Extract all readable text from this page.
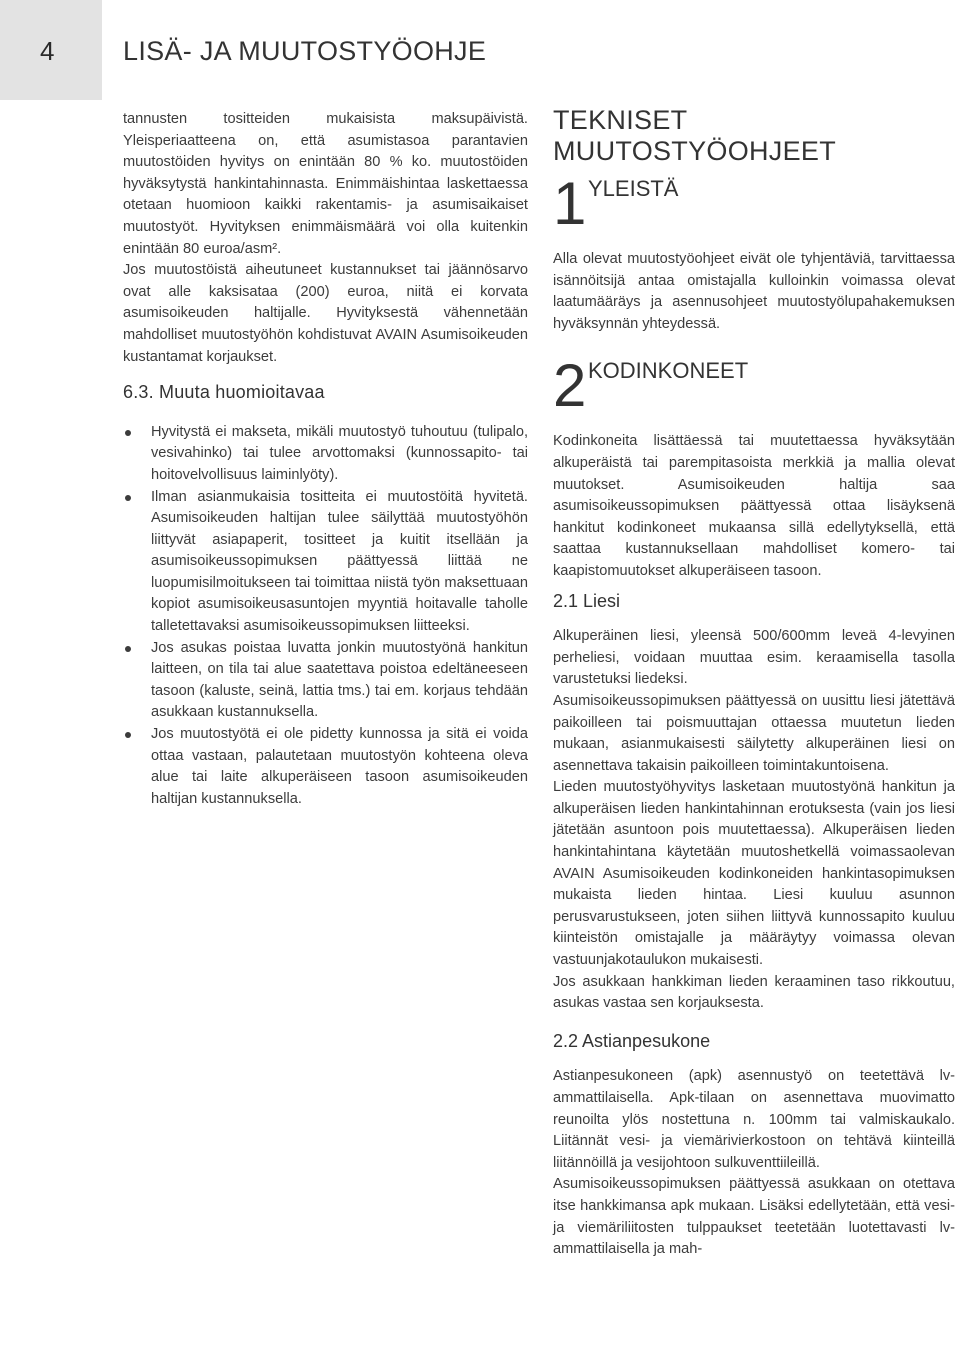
4	LISÄ- JA MUUTOSTYÖOHJE

tannusten tositteiden mukaisista maksupäivistä. Yleisperiaatteena on, että asumistasoa parantavien muutostöiden hyvitys on enintään 80 % ko. muutostöiden hyväksytystä hankintahinnasta. Enimmäishintaa laskettaessa otetaan huomioon kaikki rakentamis- ja asumisaikaiset muutostyöt. Hyvityksen enimmäismäärä voi olla kuitenkin enintään 80 euroa/asm².

Jos muutostöistä aiheutuneet kustannukset tai jäännösarvo ovat alle kaksisataa (200) euroa, niitä ei korvata asumisoikeuden haltijalle. Hyvityksestä vähennetään mahdolliset muutostyöhön kohdistuvat AVAIN Asumisoikeuden kustantamat korjaukset.

6.3. Muuta huomioitavaa
Hyvitystä ei makseta, mikäli muutostyö tuhoutuu (tulipalo, vesivahinko) tai tulee arvottomaksi (kunnossapito- tai hoitovelvollisuus laiminlyöty).
Ilman asianmukaisia tositteita ei muutostöitä hyvitetä. Asumisoikeuden haltijan tulee säilyttää muutostyöhön liittyvät asiapaperit, tositteet ja kuitit itsellään ja asumisoikeussopimuksen päättyessä liittää ne luopumisilmoitukseen tai toimittaa niistä työn maksettuaan kopiot asumisoikeusasuntojen myyntiä hoitavalle taholle talletettavaksi asumisoikeussopimuksen liitteeksi.
Jos asukas poistaa luvatta jonkin muutostyönä hankitun laitteen, on tila tai alue saatettava poistoa edeltäneeseen tasoon (kaluste, seinä, lattia tms.) tai em. korjaus tehdään asukkaan kustannuksella.
Jos muutostyötä ei ole pidetty kunnossa ja sitä ei voida ottaa vastaan, palautetaan muutostyön kohteena oleva alue tai laite alkuperäiseen tasoon asumisoikeuden haltijan kustannuksella.
TEKNISET
MUUTOSTYÖOHJEET
1 YLEISTÄ

Alla olevat muutostyöohjeet eivät ole tyhjentäviä, tarvittaessa isännöitsijä antaa omistajalla kulloinkin voimassa olevat laatumääräys ja asennusohjeet muutostyölupahakemuksen hyväksynnän yhteydessä.

2 KODINKONEET

Kodinkoneita lisättäessä tai muutettaessa hyväksytään alkuperäistä tai parempitasoista merkkiä ja mallia olevat muutokset. Asumisoikeuden haltija saa asumisoikeussopimuksen päättyessä ottaa lisäyksenä hankitut kodinkoneet mukaansa sillä edellytyksellä, että saattaa kustannuksellaan mahdolliset komero- tai kaapistomuutokset alkuperäiseen tasoon.

2.1 Liesi

Alkuperäinen liesi, yleensä 500/600mm leveä 4-levyinen perheliesi, voidaan muuttaa esim. keraamisella tasolla varustetuksi liedeksi.

Asumisoikeussopimuksen päättyessä on uusittu liesi jätettävä paikoilleen tai poismuuttajan ottaessa muutetun lieden mukaan, asianmukaisesti säilytetty alkuperäinen liesi on asennettava takaisin paikoilleen toimintakuntoisena.

Lieden muutostyöhyvitys lasketaan muutostyönä hankitun ja alkuperäisen lieden hankintahinnan erotuksesta (vain jos liesi jätetään asuntoon pois muutettaessa). Alkuperäisen lieden hankintahintana käytetään muutoshetkellä voimassaolevan AVAIN Asumisoikeuden kodinkoneiden hankintasopimuksen mukaista lieden hintaa. Liesi kuuluu asunnon perusvarustukseen, joten siihen liittyvä kunnossapito kuuluu kiinteistön omistajalle ja määräytyy voimassa olevan vastuunjakotaulukon mukaisesti.

Jos asukkaan hankkiman lieden keraaminen taso rikkoutuu, asukas vastaa sen korjauksesta.

2.2 Astianpesukone

Astianpesukoneen (apk) asennustyö on teetettävä lv-ammattilaisella. Apk-tilaan on asennettava muovimatto reunoilta ylös nostettuna n. 100mm tai valmiskaukalo. Liitännät vesi- ja viemärivierkostoon on tehtävä kiinteillä liitännöillä ja vesijohtoon sulkuventtiileillä.

Asumisoikeussopimuksen päättyessä asukkaan on otettava itse hankkimansa apk mukaan. Lisäksi edellytetään, että vesi- ja viemäriliitosten tulppaukset teetetään luotettavasti lv-ammattilaisella ja mah-
